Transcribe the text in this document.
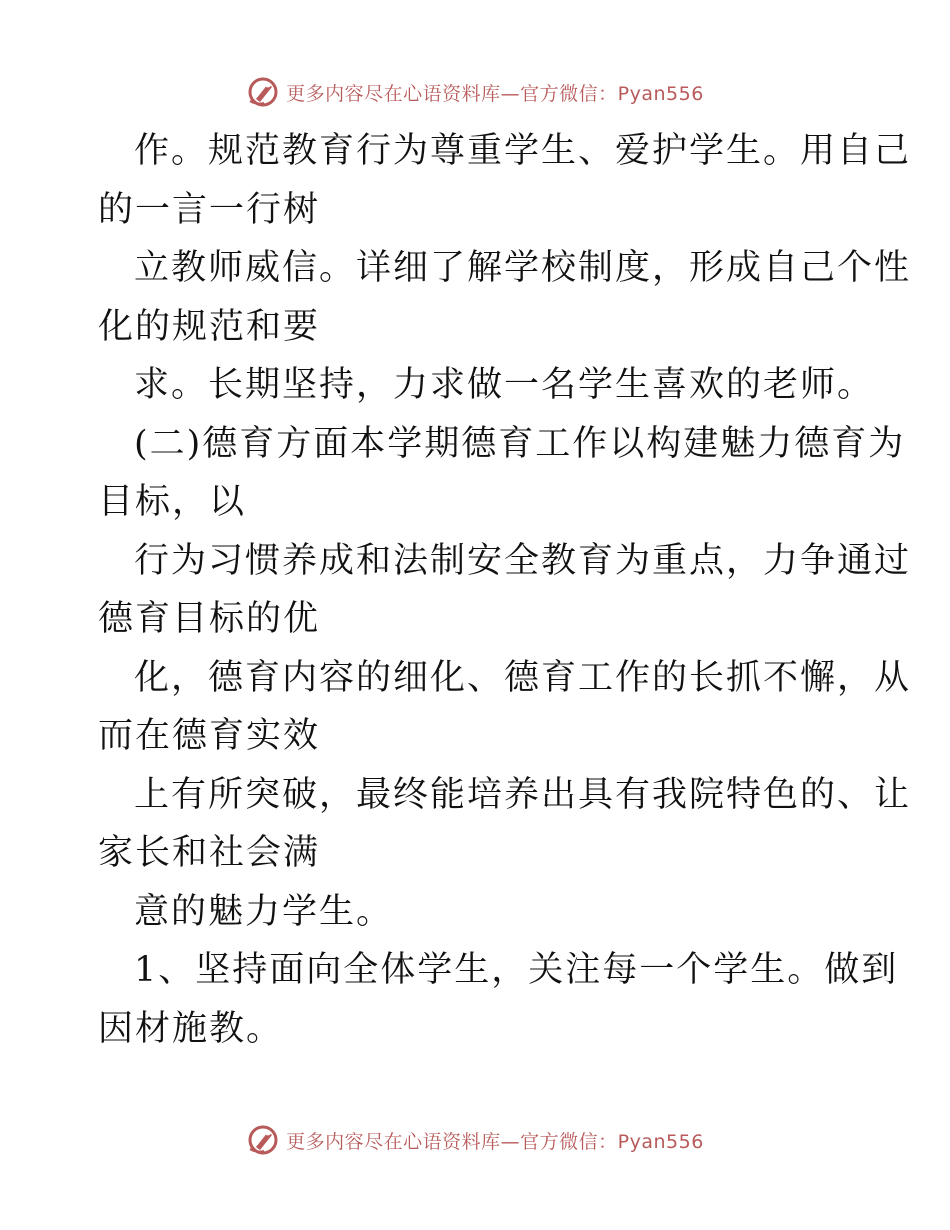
更多内容尽在心语资料库—官方微信：Pyan556
作。规范教育行为尊重学生、爱护学生。用自己
的一言一行树
立教师威信。详细了解学校制度，形成自己个性
化的规范和要
求。长期坚持，力求做一名学生喜欢的老师。
(二)德育方面本学期德育工作以构建魅力德育为
目标，以
行为习惯养成和法制安全教育为重点，力争通过
德育目标的优
化，德育内容的细化、德育工作的长抓不懈，从
而在德育实效
上有所突破，最终能培养出具有我院特色的、让
家长和社会满
意的魅力学生。
1、坚持面向全体学生，关注每一个学生。做到
因材施教。
更多内容尽在心语资料库—官方微信：Pyan556
